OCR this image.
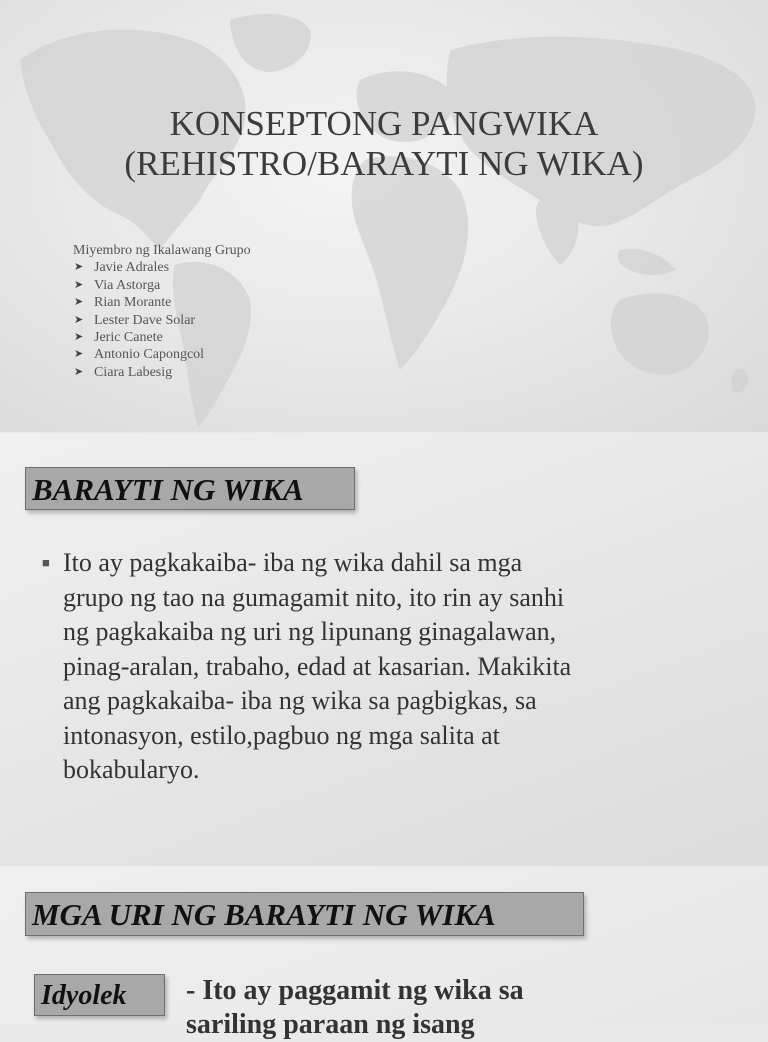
KONSEPTONG PANGWIKA
(REHISTRO/BARAYTI NG WIKA)
Miyembro ng Ikalawang Grupo
➤ Javie Adrales
➤ Via Astorga
➤ Rian Morante
➤ Lester Dave Solar
➤ Jeric Canete
➤ Antonio Capongcol
➤ Ciara Labesig
BARAYTI NG WIKA
■ Ito ay pagkakaiba- iba ng wika dahil sa mga
grupo ng tao na gumagamit nito, ito rin ay sanhi
ng pagkakaiba ng uri ng lipunang ginagalawan,
pinag-aralan, trabaho, edad at kasarian. Makikita
ang pagkakaiba- iba ng wika sa pagbigkas, sa
intonasyon, estilo,pagbuo ng mga salita at
bokabularyo.
MGA URI NG BARAYTI NG WIKA
Idyolek	- Ito ay paggamit ng wika sa
sariling paraan ng isang
